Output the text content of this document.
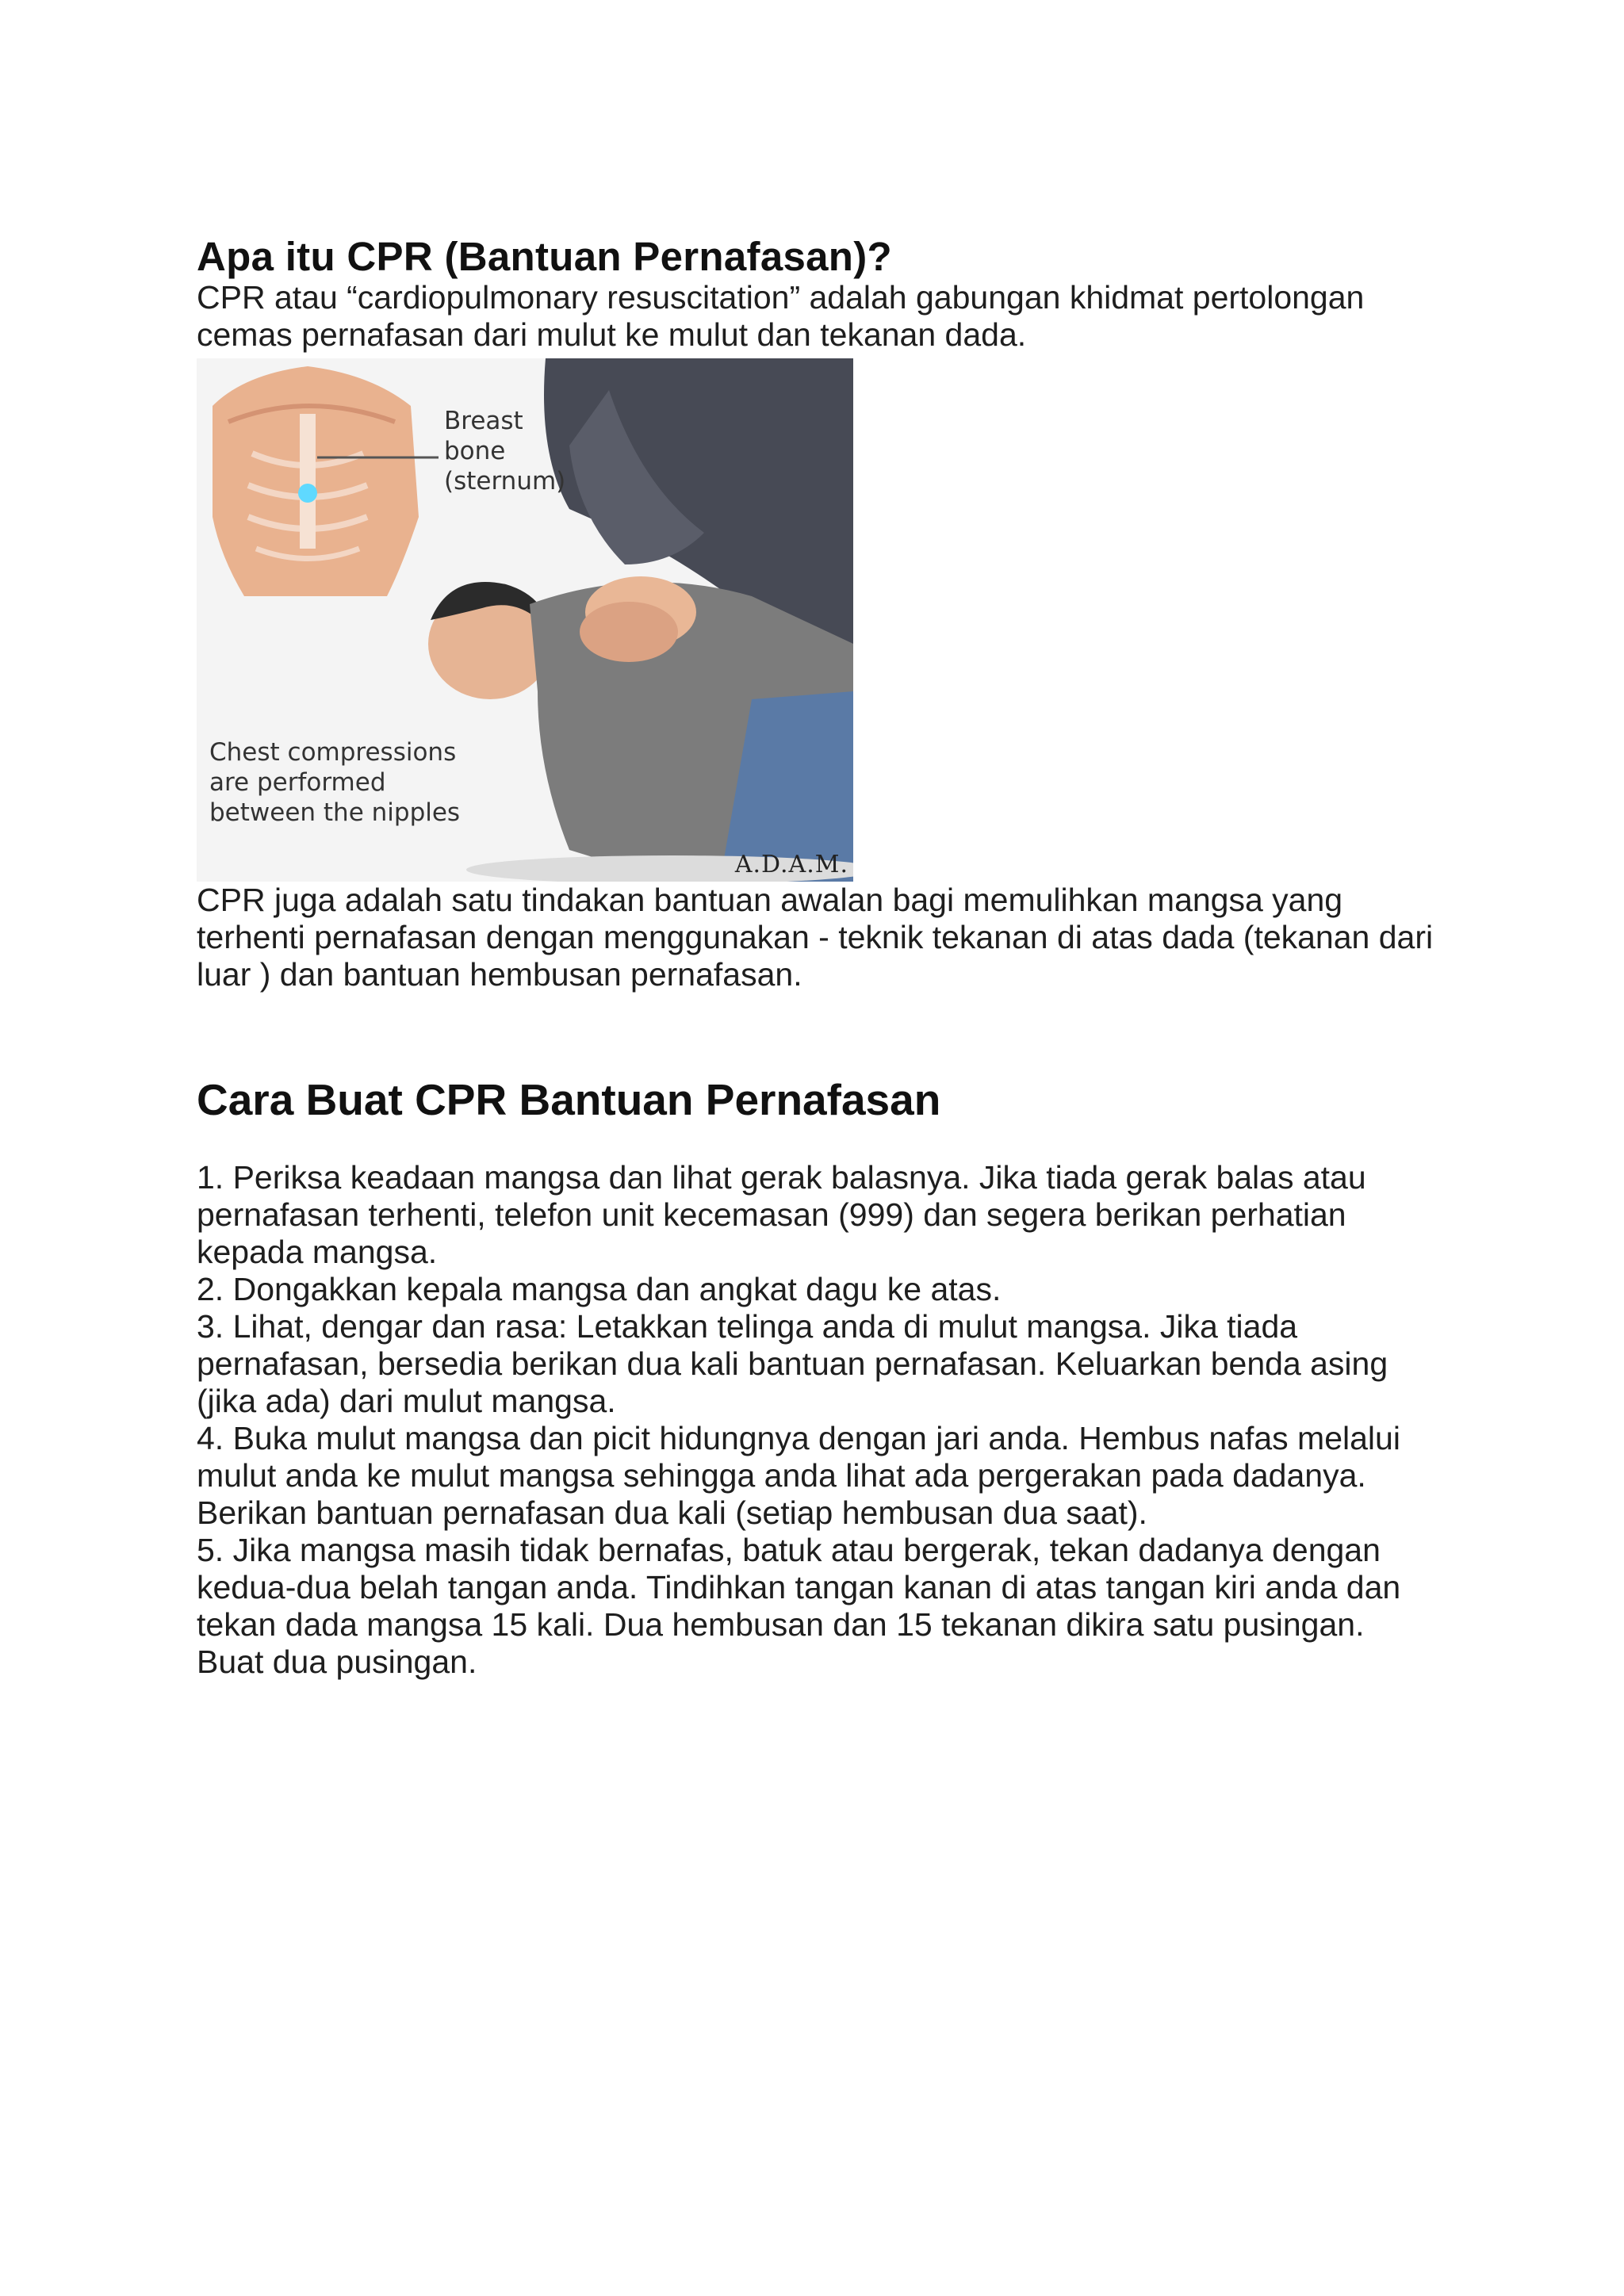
Apa itu CPR (Bantuan Pernafasan)?

CPR atau “cardiopulmonary resuscitation” adalah gabungan khidmat pertolongan cemas pernafasan dari mulut ke mulut dan tekanan dada.

Breast
bone
(sternum)

Chest compressions
are performed
between the nipples

A.D.A.M.

CPR juga adalah satu tindakan bantuan awalan bagi memulihkan mangsa yang terhenti pernafasan dengan menggunakan - teknik tekanan di atas dada (tekanan dari luar ) dan bantuan hembusan pernafasan.

Cara Buat CPR Bantuan Pernafasan

1. Periksa keadaan mangsa dan lihat gerak balasnya. Jika tiada gerak balas atau pernafasan terhenti, telefon unit kecemasan (999) dan segera berikan perhatian kepada mangsa.

2. Dongakkan kepala mangsa dan angkat dagu ke atas.

3. Lihat, dengar dan rasa: Letakkan telinga anda di mulut mangsa. Jika tiada pernafasan, bersedia berikan dua kali bantuan pernafasan. Keluarkan benda asing (jika ada) dari mulut mangsa.

4. Buka mulut mangsa dan picit hidungnya dengan jari anda. Hembus nafas melalui mulut anda ke mulut mangsa sehingga anda lihat ada pergerakan pada dadanya. Berikan bantuan pernafasan dua kali (setiap hembusan dua saat).

5. Jika mangsa masih tidak bernafas, batuk atau bergerak, tekan dadanya dengan kedua-dua belah tangan anda. Tindihkan tangan kanan di atas tangan kiri anda dan tekan dada mangsa 15 kali. Dua hembusan dan 15 tekanan dikira satu pusingan. Buat dua pusingan.
